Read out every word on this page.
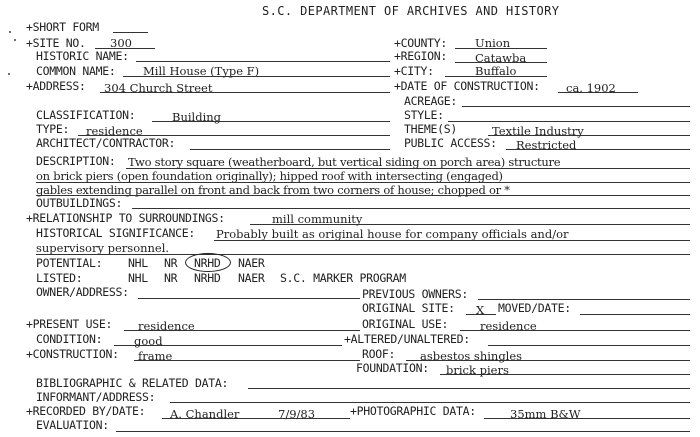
S.C. DEPARTMENT OF ARCHIVES AND HISTORY
+SHORT FORM
+SITE NO. 300	+COUNTY: Union
HISTORIC NAME:	+REGION: Catawba
COMMON NAME: Mill House (Type F)	+CITY:	Buffalo
+ADDRESS: 304 Church Street	+DATE OF CONSTRUCTION: ca. 1902
ACREAGE:
CLASSIFICATION:	Building	STYLE:
TYPE: residence	THEME(S)	Textile Industry
ARCHITECT/CONTRACTOR:	PUBLIC ACCESS: Restricted
DESCRIPTION: Two story square (weatherboard, but vertical siding on porch area) structure
on brick piers (open foundation originally); hipped roof with intersecting (engaged)
gables extending parallel on front and back from two corners of house; chopped or *
OUTBUILDINGS:
+RELATIONSHIP TO SURROUNDINGS:	mill community
HISTORICAL SIGNIFICANCE: Probably built as original house for company officials and/or
supervisory personnel.
POTENTIAL: NHL NR NRHD NAER
LISTED:	NHL NR NRHD NAER S.C. MARKER PROGRAM
OWNER/ADDRESS:	PREVIOUS OWNERS:
ORIGINAL SITE: X MOVED/DATE:
+PRESENT USE: residence	ORIGINAL USE:	residence
CONDITION:	good	+ALTERED/UNALTERED:
+CONSTRUCTION: frame	ROOF: asbestos shingles
FOUNDATION: brick piers
BIBLIOGRAPHIC & RELATED DATA:
INFORMANT/ADDRESS:
+RECORDED BY/DATE: A. Chandler	7/9/83	+PHOTOGRAPHIC DATA:	35mm B&W
EVALUATION:
